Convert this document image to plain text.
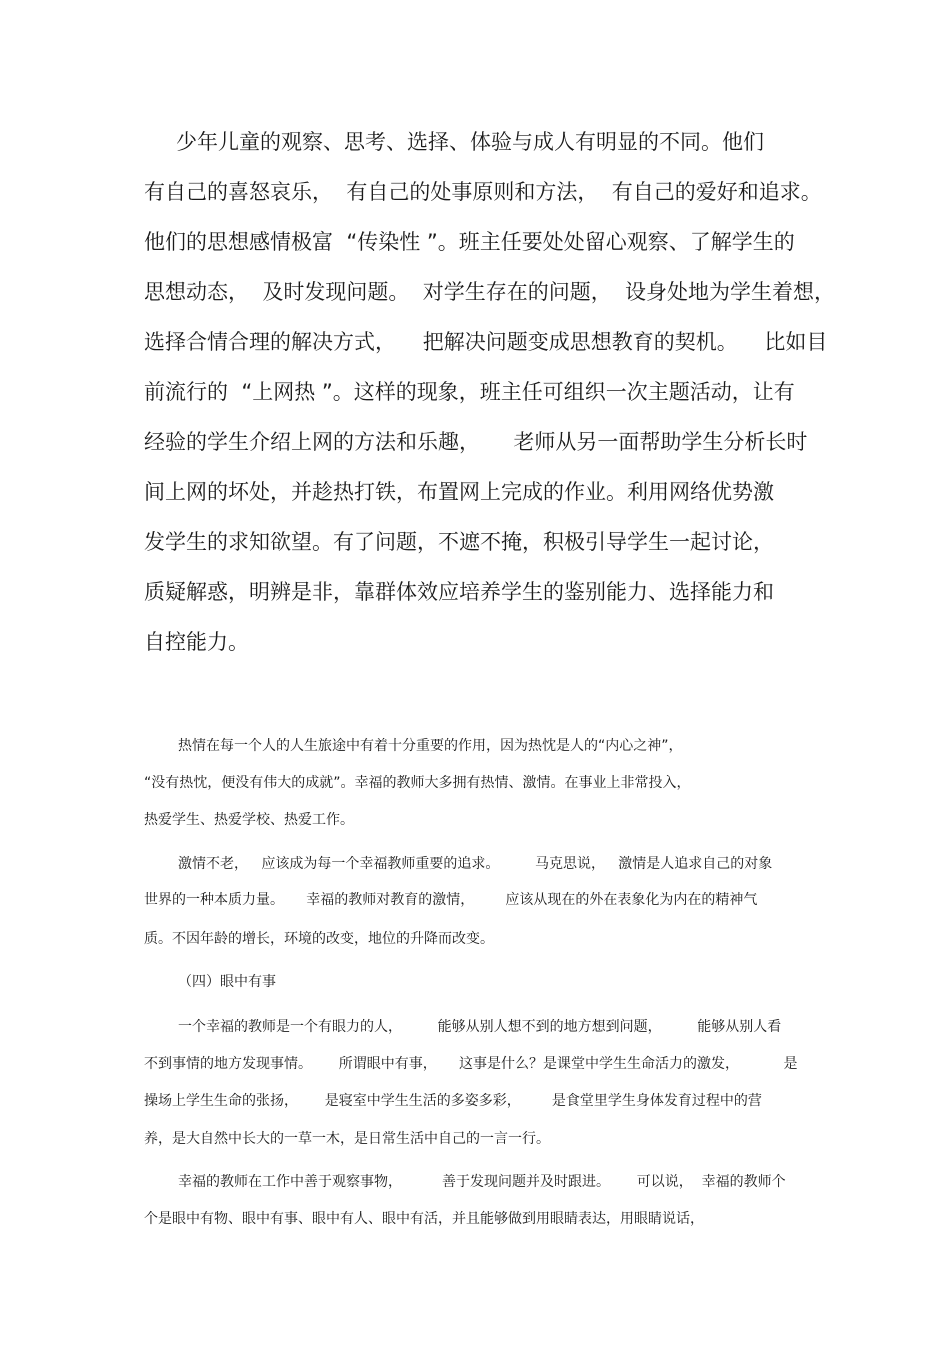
少年儿童的观察、思考、选择、体验与成人有明显的不同。他们
有自己的喜怒哀乐，  有自己的处事原则和方法，  有自己的爱好和追求。
他们的思想感情极富  “传染性 ”。班主任要处处留心观察、了解学生的
思想动态，  及时发现问题。  对学生存在的问题，  设身处地为学生着想，
选择合情合理的解决方式，    把解决问题变成思想教育的契机。    比如目
前流行的  “上网热 ”。这样的现象，班主任可组织一次主题活动，让有
经验的学生介绍上网的方法和乐趣，     老师从另一面帮助学生分析长时
间上网的坏处，并趁热打铁，布置网上完成的作业。利用网络优势激
发学生的求知欲望。有了问题，不遮不掩，积极引导学生一起讨论，
质疑解惑，明辨是非，靠群体效应培养学生的鉴别能力、选择能力和
自控能力。
热情在每一个人的人生旅途中有着十分重要的作用，因为热忱是人的“内心之神”，
“没有热忱，便没有伟大的成就”。幸福的教师大多拥有热情、激情。在事业上非常投入，
热爱学生、热爱学校、热爱工作。
激情不老，   应该成为每一个幸福教师重要的追求。        马克思说，   激情是人追求自己的对象
世界的一种本质力量。     幸福的教师对教育的激情，       应该从现在的外在表象化为内在的精神气
质。不因年龄的增长，环境的改变，地位的升降而改变。
（四）眼中有事
一个幸福的教师是一个有眼力的人，        能够从别人想不到的地方想到问题，        能够从别人看
不到事情的地方发现事情。      所谓眼中有事，     这事是什么？是课堂中学生生命活力的激发，          是
操场上学生生命的张扬，      是寝室中学生生活的多姿多彩，       是食堂里学生身体发育过程中的营
养，是大自然中长大的一草一木，是日常生活中自己的一言一行。
幸福的教师在工作中善于观察事物，         善于发现问题并及时跟进。      可以说，  幸福的教师个
个是眼中有物、眼中有事、眼中有人、眼中有活，并且能够做到用眼睛表达，用眼睛说话，
